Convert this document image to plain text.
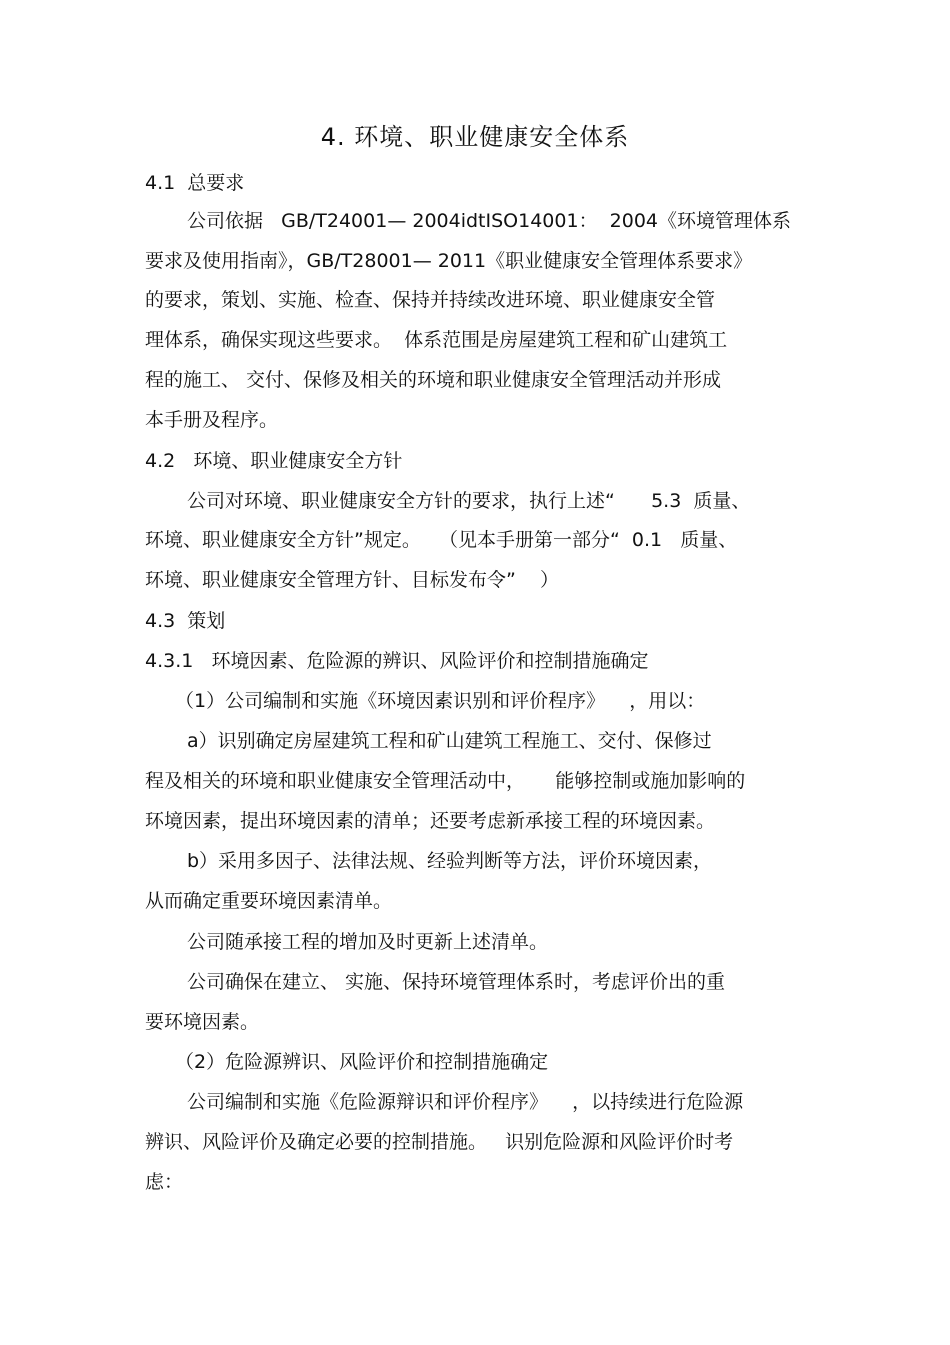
4. 环境、职业健康安全体系
4.1  总要求
公司依据   GB/T24001— 2004idtISO14001：  2004《环境管理体系
要求及使用指南》，GB/T28001— 2011《职业健康安全管理体系要求》
的要求，策划、实施、检查、保持并持续改进环境、职业健康安全管
理体系，确保实现这些要求。  体系范围是房屋建筑工程和矿山建筑工
程的施工、 交付、保修及相关的环境和职业健康安全管理活动并形成
本手册及程序。
4.2   环境、职业健康安全方针
公司对环境、职业健康安全方针的要求，执行上述“      5.3  质量、
环境、职业健康安全方针”规定。   （见本手册第一部分“  0.1   质量、
环境、职业健康安全管理方针、目标发布令”    ）
4.3  策划
4.3.1   环境因素、危险源的辨识、风险评价和控制措施确定
（1）公司编制和实施《环境因素识别和评价程序》    ，用以：
a）识别确定房屋建筑工程和矿山建筑工程施工、交付、保修过
程及相关的环境和职业健康安全管理活动中，     能够控制或施加影响的
环境因素，提出环境因素的清单；还要考虑新承接工程的环境因素。
b）采用多因子、法律法规、经验判断等方法，评价环境因素，
从而确定重要环境因素清单。
公司随承接工程的增加及时更新上述清单。
公司确保在建立、 实施、保持环境管理体系时，考虑评价出的重
要环境因素。
（2）危险源辨识、风险评价和控制措施确定
公司编制和实施《危险源辩识和评价程序》    ，以持续进行危险源
辨识、风险评价及确定必要的控制措施。   识别危险源和风险评价时考
虑：
